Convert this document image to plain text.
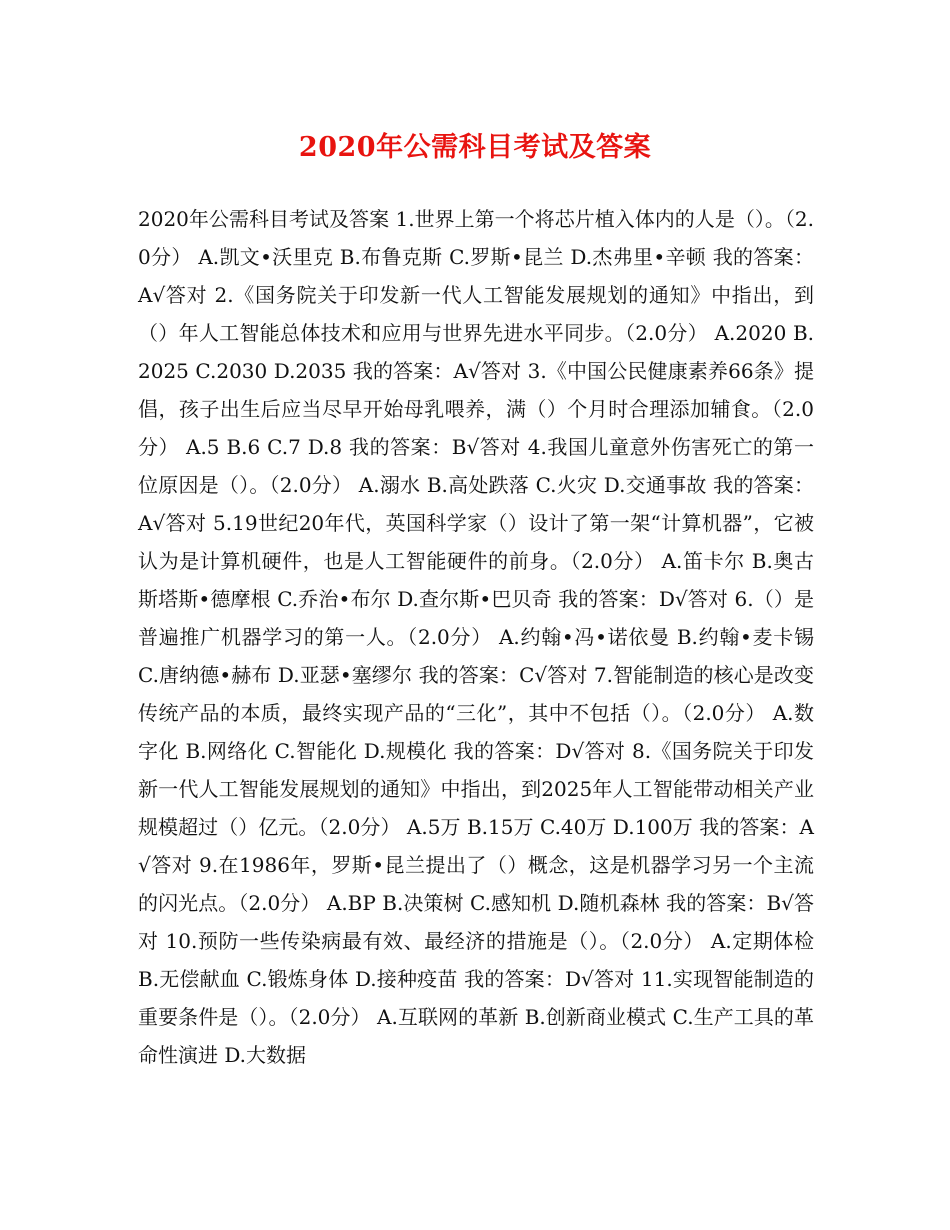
2020年公需科目考试及答案
2020年公需科目考试及答案 1.世界上第一个将芯片植入体内的人是（）。（2.0分） A.凯文•沃里克 B.布鲁克斯 C.罗斯•昆兰 D.杰弗里•辛顿 我的答案：A√答对 2.《国务院关于印发新一代人工智能发展规划的通知》中指出，到（）年人工智能总体技术和应用与世界先进水平同步。（2.0分） A.2020 B.2025 C.2030 D.2035 我的答案：A√答对 3.《中国公民健康素养66条》提倡，孩子出生后应当尽早开始母乳喂养，满（）个月时合理添加辅食。（2.0分） A.5 B.6 C.7 D.8 我的答案：B√答对 4.我国儿童意外伤害死亡的第一位原因是（）。（2.0分） A.溺水 B.高处跌落 C.火灾 D.交通事故 我的答案：A√答对 5.19世纪20年代，英国科学家（）设计了第一架“计算机器”，它被认为是计算机硬件，也是人工智能硬件的前身。（2.0分） A.笛卡尔 B.奥古斯塔斯•德摩根 C.乔治•布尔 D.查尔斯•巴贝奇 我的答案：D√答对 6.（）是普遍推广机器学习的第一人。（2.0分） A.约翰•冯•诺依曼 B.约翰•麦卡锡 C.唐纳德•赫布 D.亚瑟•塞缪尔 我的答案：C√答对 7.智能制造的核心是改变传统产品的本质，最终实现产品的“三化”，其中不包括（）。（2.0分） A.数字化 B.网络化 C.智能化 D.规模化 我的答案：D√答对 8.《国务院关于印发新一代人工智能发展规划的通知》中指出，到2025年人工智能带动相关产业规模超过（）亿元。（2.0分） A.5万 B.15万 C.40万 D.100万 我的答案：A√答对 9.在1986年，罗斯•昆兰提出了（）概念，这是机器学习另一个主流的闪光点。（2.0分） A.BP B.决策树 C.感知机 D.随机森林 我的答案：B√答对 10.预防一些传染病最有效、最经济的措施是（）。（2.0分） A.定期体检 B.无偿献血 C.锻炼身体 D.接种疫苗 我的答案：D√答对 11.实现智能制造的重要条件是（）。（2.0分） A.互联网的革新 B.创新商业模式 C.生产工具的革命性演进 D.大数据
